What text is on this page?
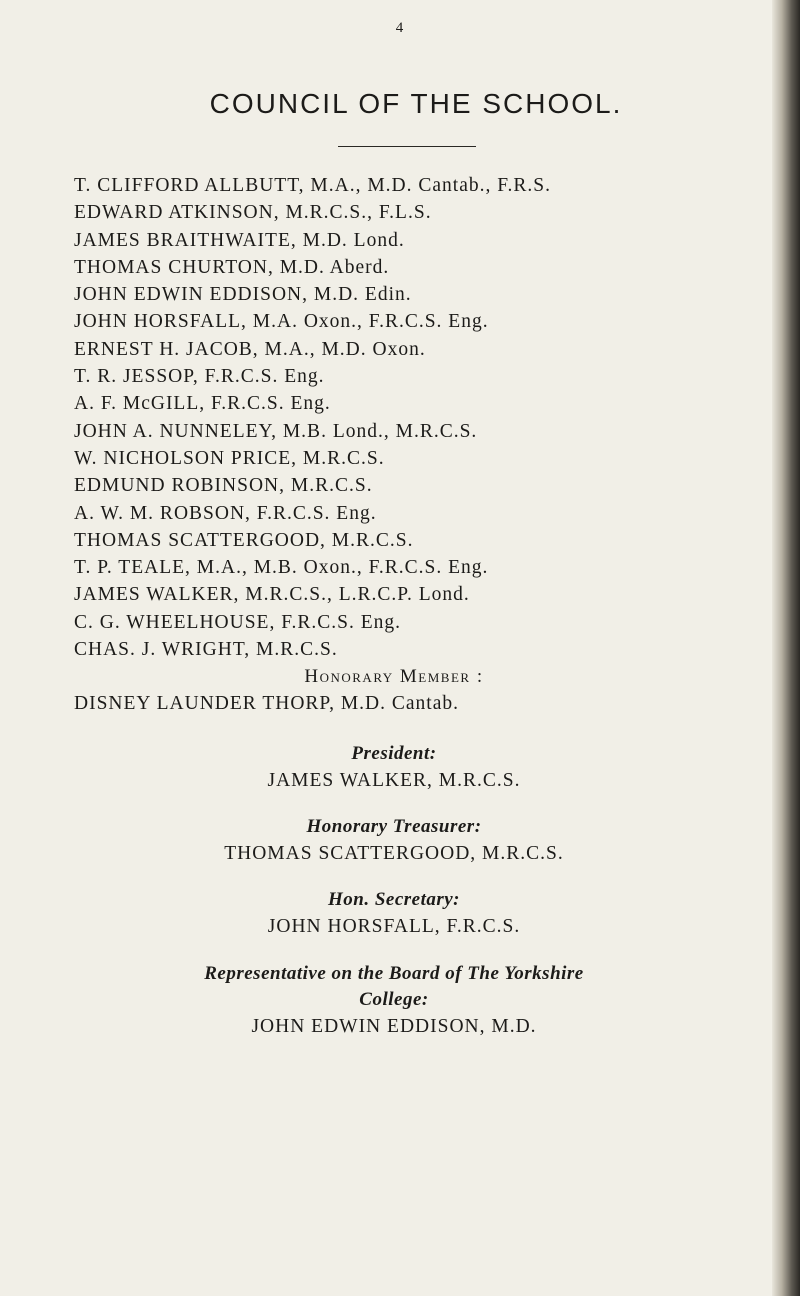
4
COUNCIL OF THE SCHOOL.
T. CLIFFORD ALLBUTT, M.A., M.D. Cantab., F.R.S.
EDWARD ATKINSON, M.R.C.S., F.L.S.
JAMES BRAITHWAITE, M.D. Lond.
THOMAS CHURTON, M.D. Aberd.
JOHN EDWIN EDDISON, M.D. Edin.
JOHN HORSFALL, M.A. Oxon., F.R.C.S. Eng.
ERNEST H. JACOB, M.A., M.D. Oxon.
T. R. JESSOP, F.R.C.S. Eng.
A. F. McGILL, F.R.C.S. Eng.
JOHN A. NUNNELEY, M.B. Lond., M.R.C.S.
W. NICHOLSON PRICE, M.R.C.S.
EDMUND ROBINSON, M.R.C.S.
A. W. M. ROBSON, F.R.C.S. Eng.
THOMAS SCATTERGOOD, M.R.C.S.
T. P. TEALE, M.A., M.B. Oxon., F.R.C.S. Eng.
JAMES WALKER, M.R.C.S., L.R.C.P. Lond.
C. G. WHEELHOUSE, F.R.C.S. Eng.
CHAS. J. WRIGHT, M.R.C.S.
Honorary Member :
DISNEY LAUNDER THORP, M.D. Cantab.
President:
JAMES WALKER, M.R.C.S.
Honorary Treasurer:
THOMAS SCATTERGOOD, M.R.C.S.
Hon. Secretary:
JOHN HORSFALL, F.R.C.S.
Representative on the Board of The Yorkshire
College:
JOHN EDWIN EDDISON, M.D.
